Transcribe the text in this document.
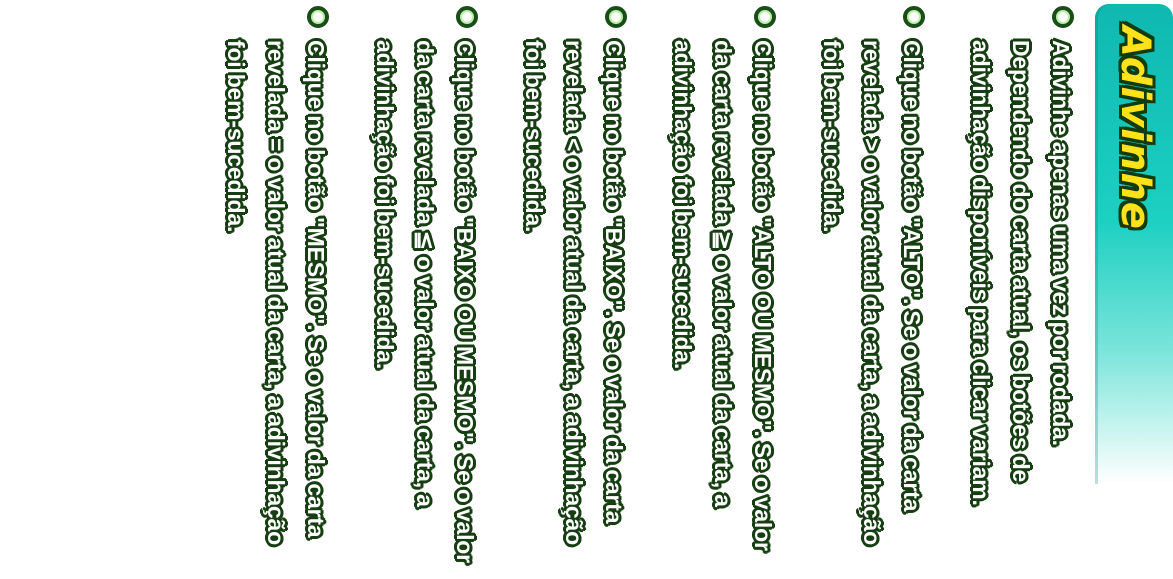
Adivinhe
Adivinhe apenas uma vez por rodada. Dependendo do carta atual, os botões de adivinhação disponíveis para clicar variam.
Clique no botão "ALTO". Se o valor da carta revelada > o valor atual da carta, a adivinhação foi bem-sucedida.
Clique no botão "ALTO OU MESMO". Se o valor da carta revelada ≧ o valor atual da carta, a adivinhação foi bem-sucedida.
Clique no botão "BAIXO". Se o valor da carta revelada < o valor atual da carta, a adivinhação foi bem-sucedida.
Clique no botão "BAIXO OU MESMO". Se o valor da carta revelada ≦ o valor atual da carta, a adivinhação foi bem-sucedida.
Clique no botão "MESMO". Se o valor da carta revelada = o valor atual da carta, a adivinhação foi bem-sucedida.
